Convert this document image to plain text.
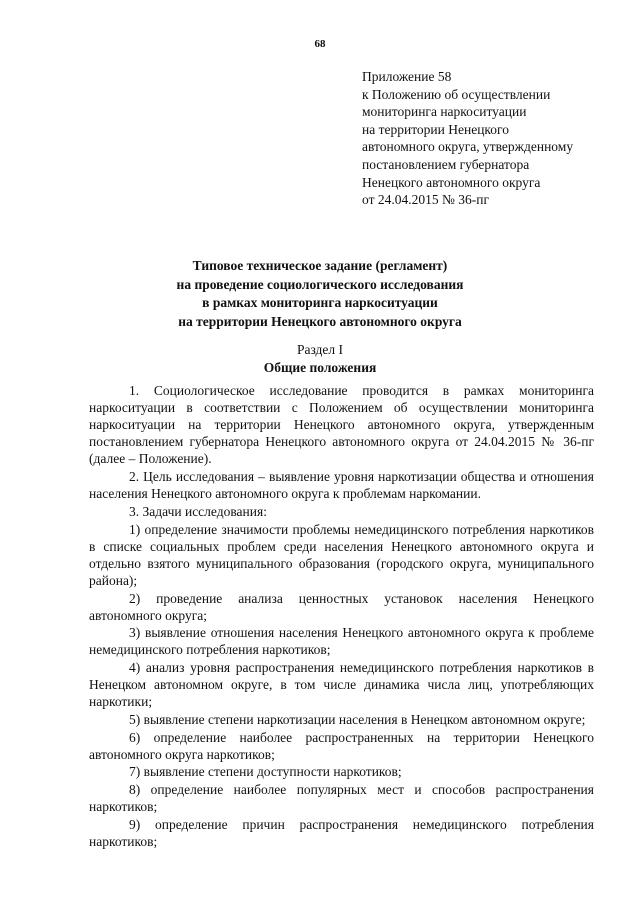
68
Приложение 58
к Положению об осуществлении
мониторинга наркоситуации
на территории Ненецкого
автономного округа, утвержденному
постановлением губернатора
Ненецкого автономного округа
от 24.04.2015 № 36-пг
Типовое техническое задание (регламент)
на проведение социологического исследования
в рамках мониторинга наркоситуации
на территории Ненецкого автономного округа
Раздел I
Общие положения

1. Социологическое исследование проводится в рамках мониторинга наркоситуации в соответствии с Положением об осуществлении мониторинга наркоситуации на территории Ненецкого автономного округа, утвержденным постановлением губернатора Ненецкого автономного округа от 24.04.2015 № 36-пг (далее – Положение).

2. Цель исследования – выявление уровня наркотизации общества и отношения населения Ненецкого автономного округа к проблемам наркомании.

3. Задачи исследования:

1) определение значимости проблемы немедицинского потребления наркотиков в списке социальных проблем среди населения Ненецкого автономного округа и отдельно взятого муниципального образования (городского округа, муниципального района);

2) проведение анализа ценностных установок населения Ненецкого автономного округа;

3) выявление отношения населения Ненецкого автономного округа к проблеме немедицинского потребления наркотиков;

4) анализ уровня распространения немедицинского потребления наркотиков в Ненецком автономном округе, в том числе динамика числа лиц, употребляющих наркотики;

5) выявление степени наркотизации населения в Ненецком автономном округе;

6) определение наиболее распространенных на территории Ненецкого автономного округа наркотиков;

7) выявление степени доступности наркотиков;

8) определение наиболее популярных мест и способов распространения наркотиков;

9) определение причин распространения немедицинского потребления наркотиков;
